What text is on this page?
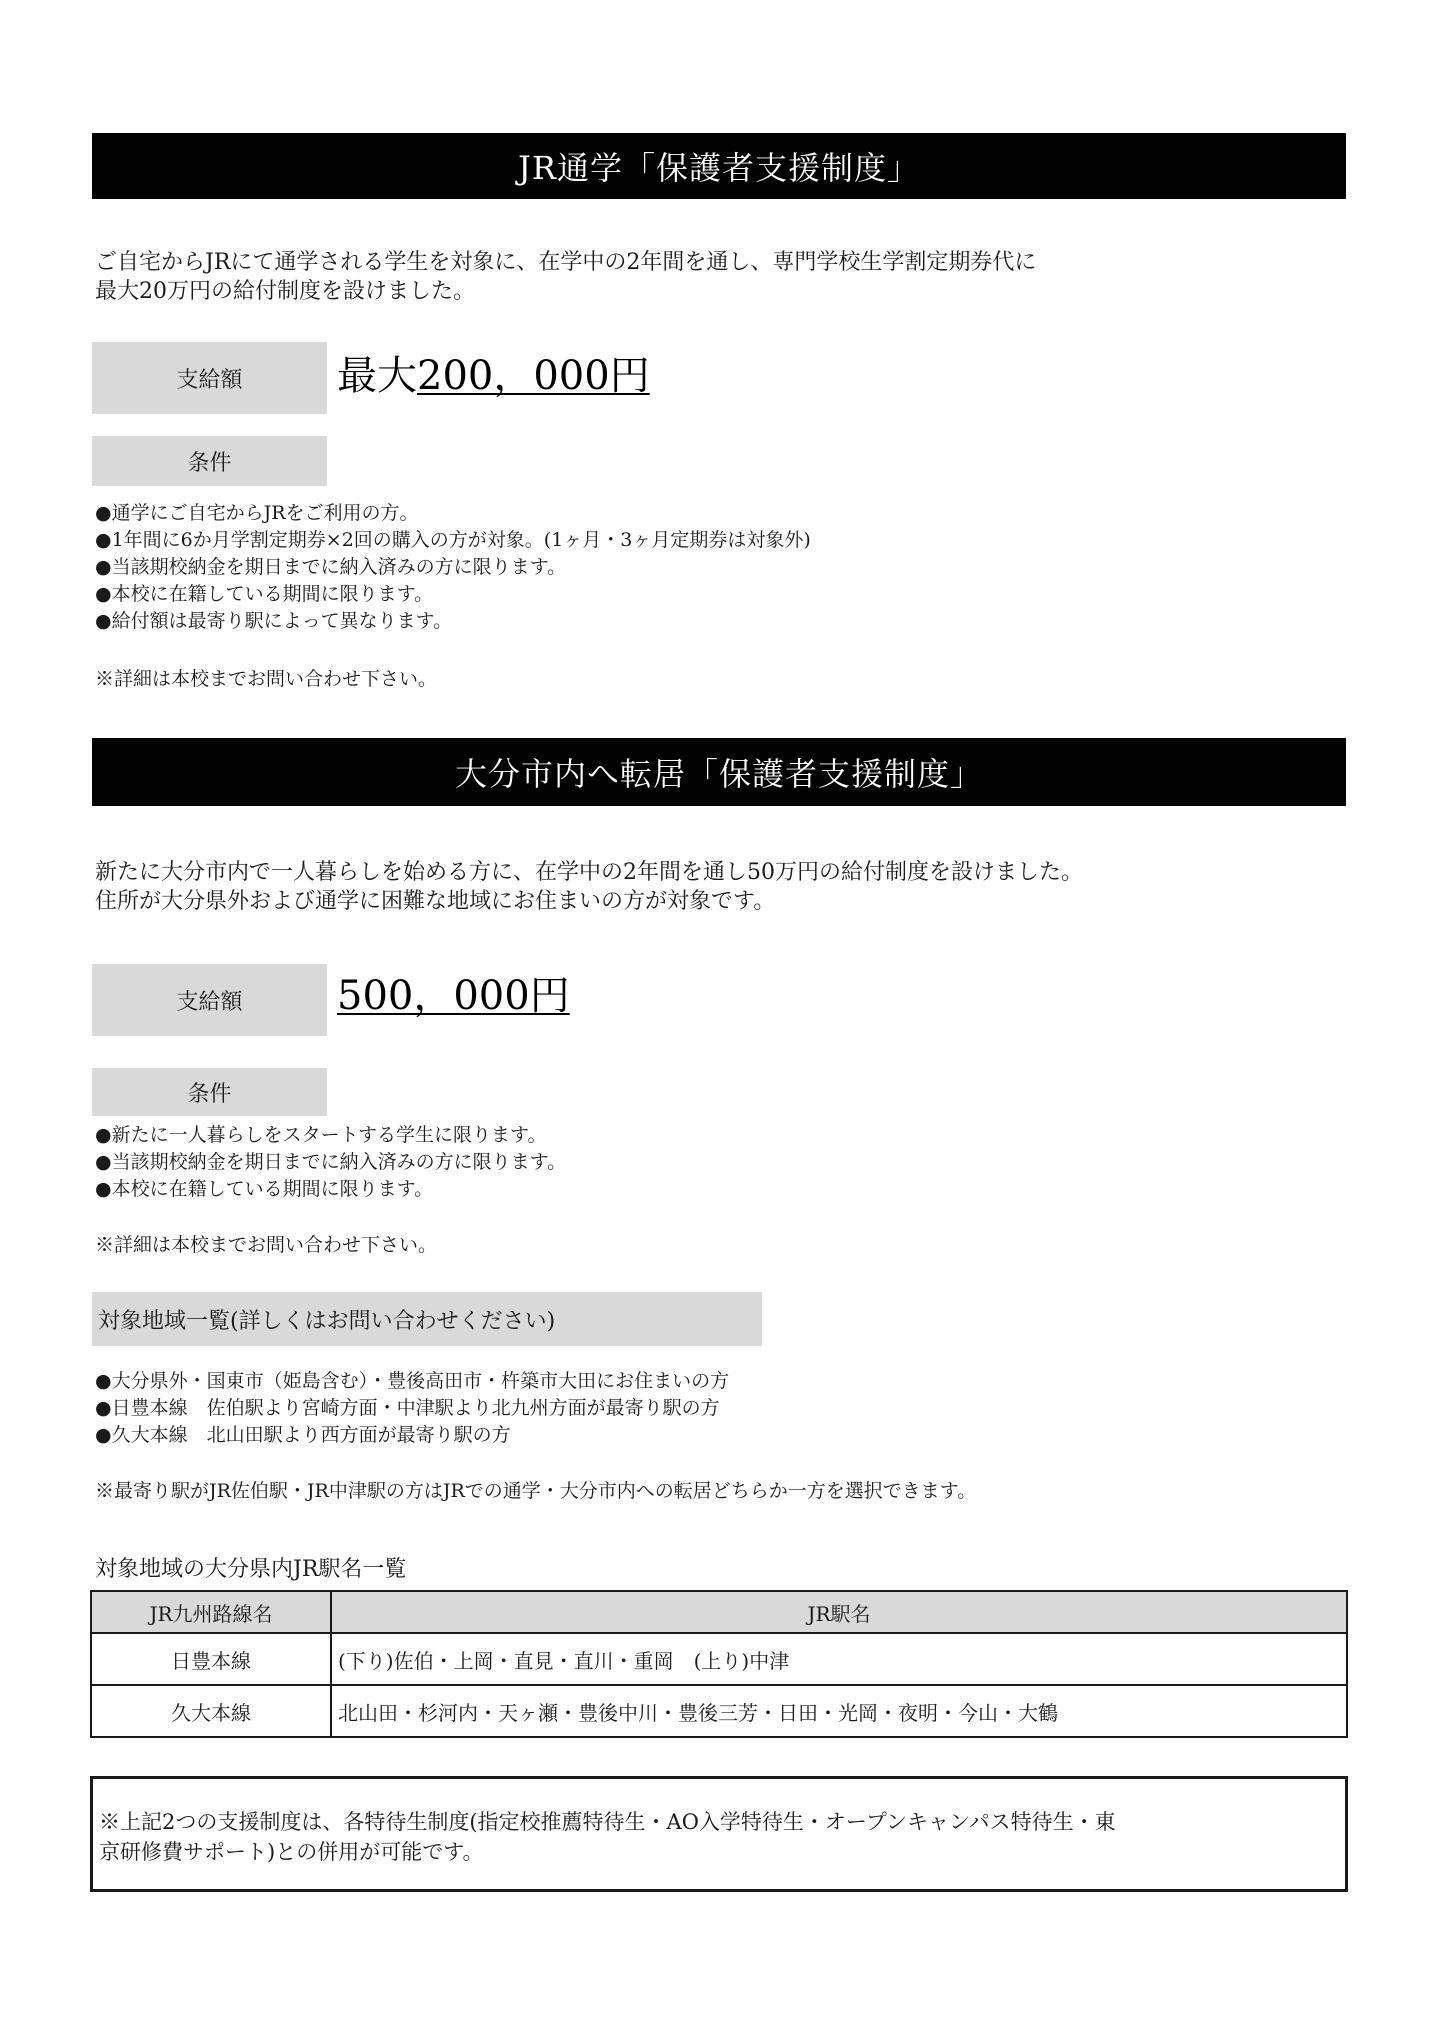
JR通学「保護者支援制度」
ご自宅からJRにて通学される学生を対象に、在学中の2年間を通し、専門学校生学割定期券代に
最大20万円の給付制度を設けました。
支給額 最大200，000円
条件
● 通学にご自宅からJRをご利用の方。
● 1年間に6か月学割定期券×2回の購入の方が対象。(1ヶ月・3ヶ月定期券は対象外)
● 当該期校納金を期日までに納入済みの方に限ります。
● 本校に在籍している期間に限ります。
● 給付額は最寄り駅によって異なります。
※詳細は本校までお問い合わせ下さい。
大分市内へ転居「保護者支援制度」
新たに大分市内で一人暮らしを始める方に、在学中の2年間を通し50万円の給付制度を設けました。
住所が大分県外および通学に困難な地域にお住まいの方が対象です。
支給額 500，000円
条件
● 新たに一人暮らしをスタートする学生に限ります。
● 当該期校納金を期日までに納入済みの方に限ります。
● 本校に在籍している期間に限ります。
※詳細は本校までお問い合わせ下さい。
対象地域一覧(詳しくはお問い合わせください)
● 大分県外・国東市（姫島含む）・豊後高田市・杵築市大田にお住まいの方
● 日豊本線　佐伯駅より宮崎方面・中津駅より北九州方面が最寄り駅の方
● 久大本線　北山田駅より西方面が最寄り駅の方
※最寄り駅がJR佐伯駅・JR中津駅の方はJRでの通学・大分市内への転居どちらか一方を選択できます。
対象地域の大分県内JR駅名一覧
JR九州路線名	JR駅名
日豊本線	(下り)佐伯・上岡・直見・直川・重岡　(上り)中津
久大本線	北山田・杉河内・天ヶ瀬・豊後中川・豊後三芳・日田・光岡・夜明・今山・大鶴
※上記2つの支援制度は、各特待生制度(指定校推薦特待生・AO入学特待生・オープンキャンパス特待生・東
京研修費サポート)との併用が可能です。
